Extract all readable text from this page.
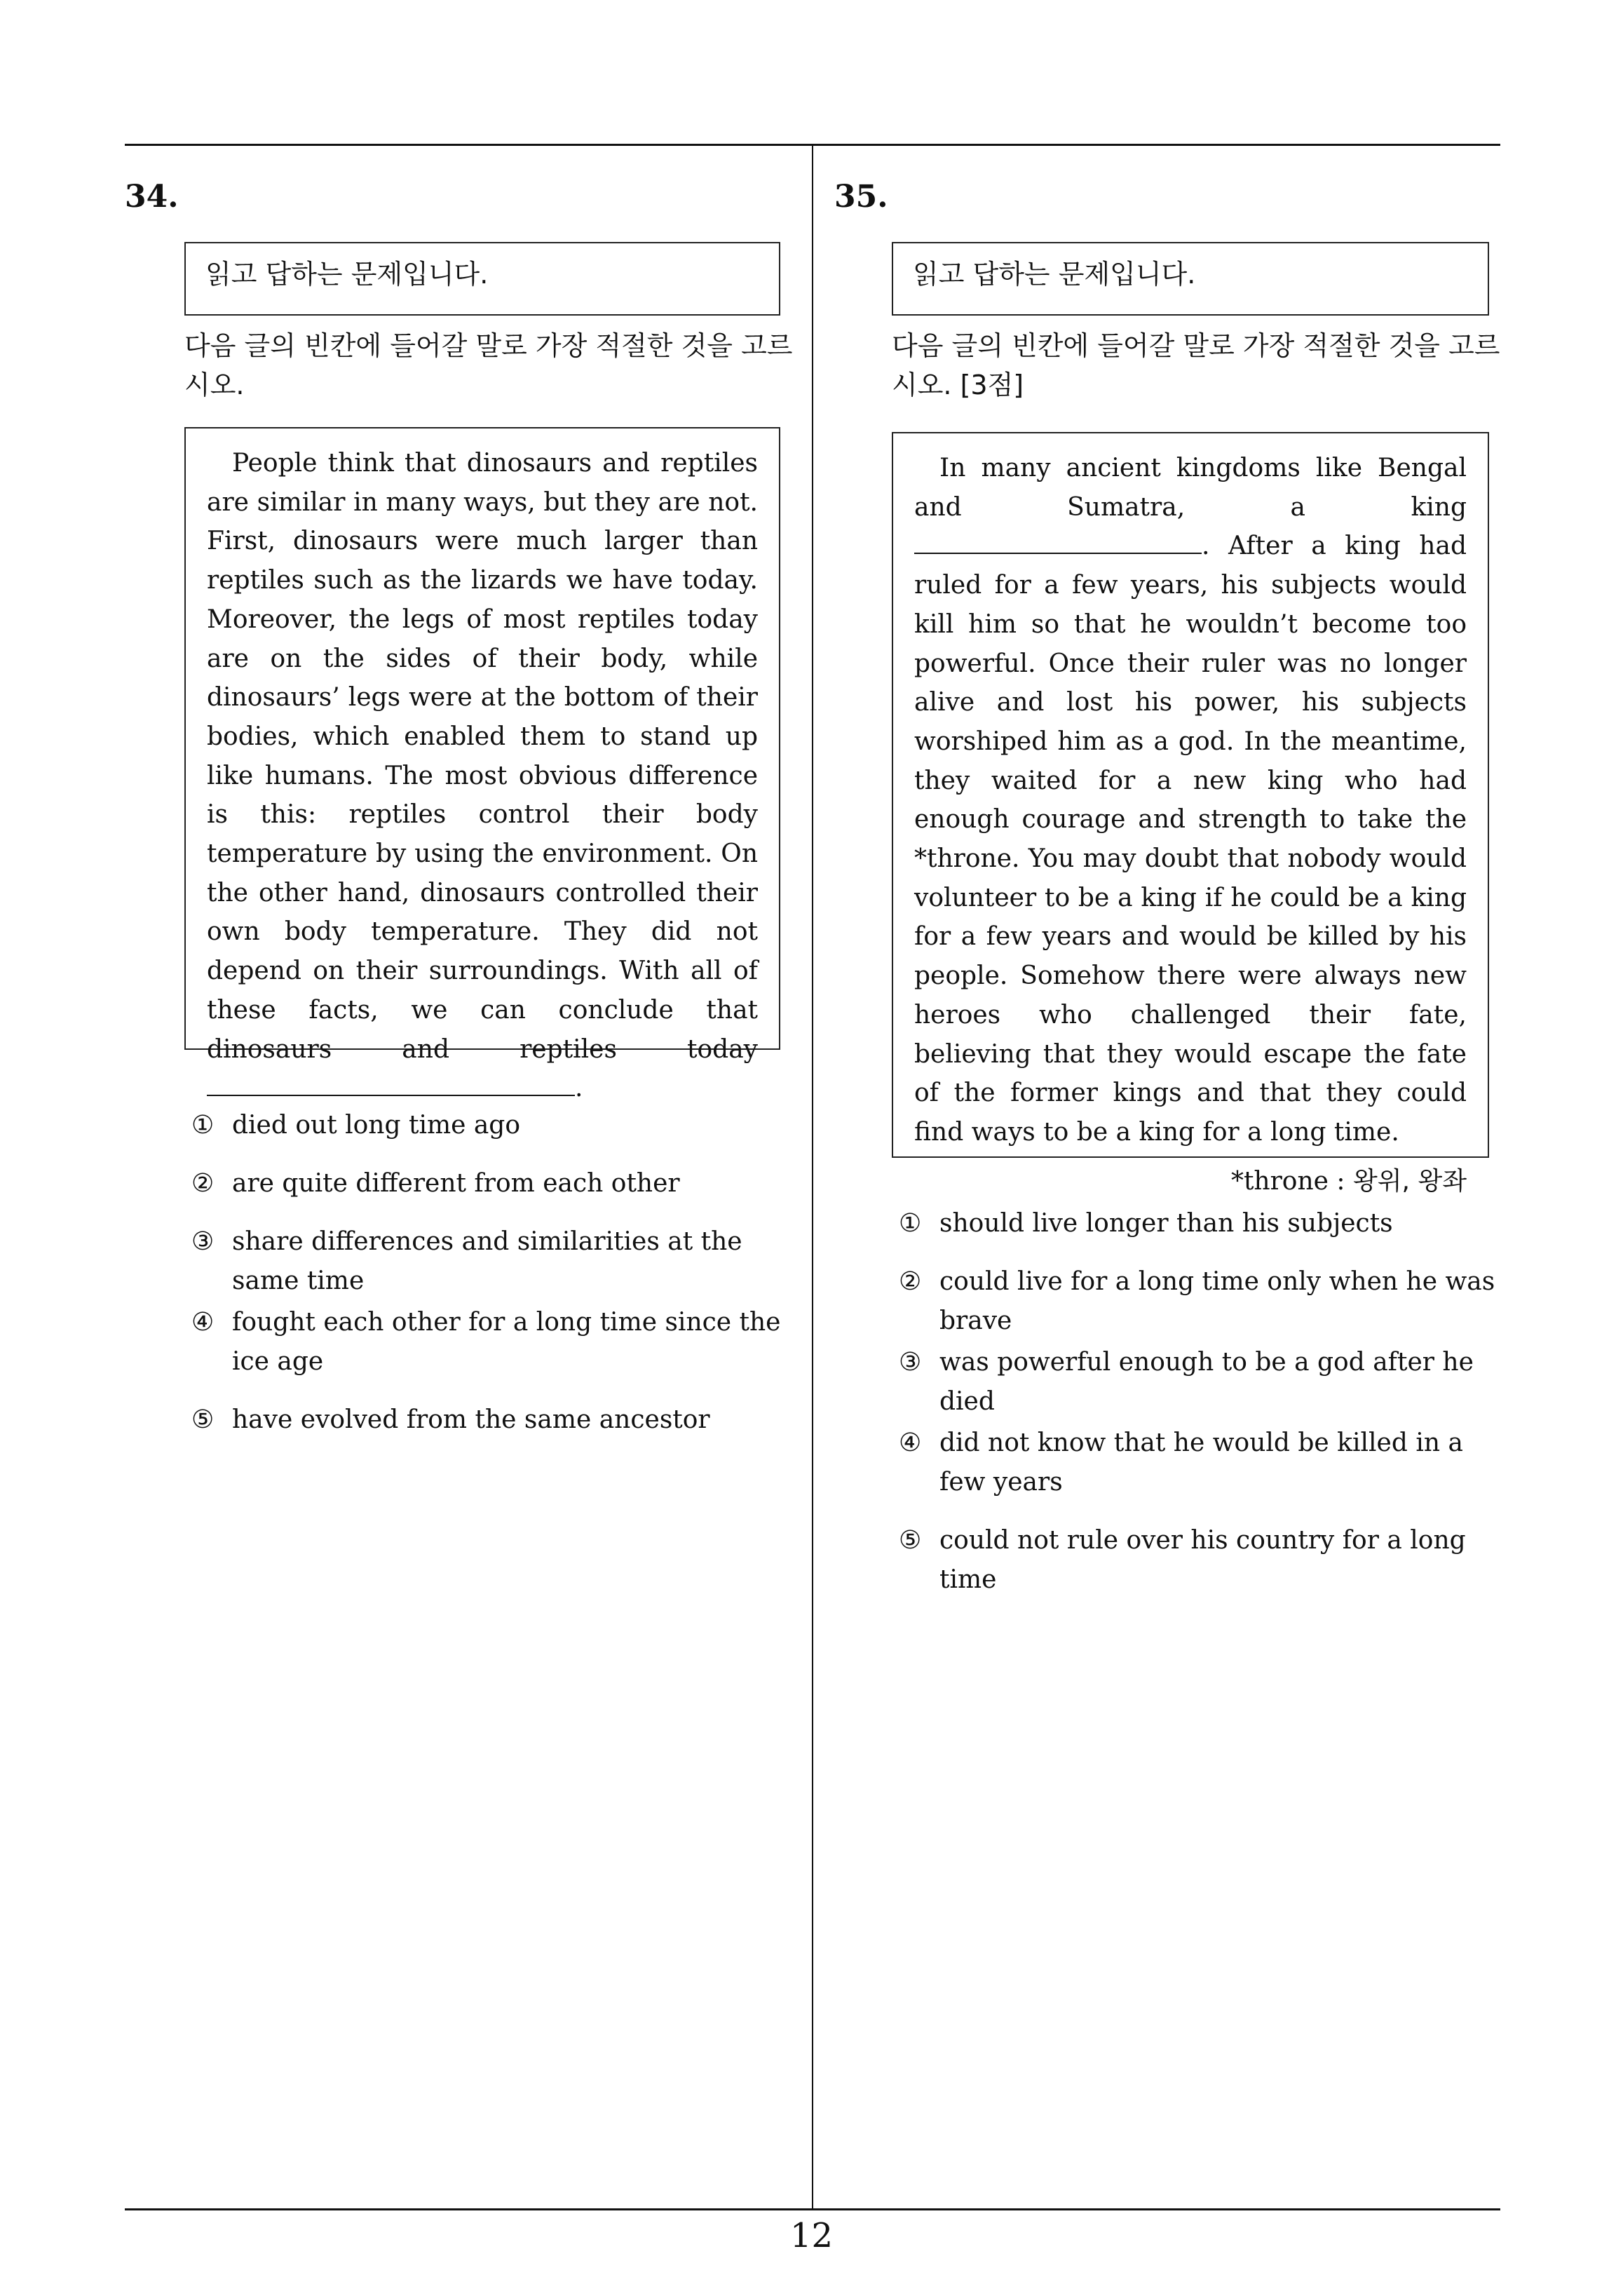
34.
읽고 답하는 문제입니다.
다음 글의 빈칸에 들어갈 말로 가장 적절한 것을 고르시오.

People think that dinosaurs and reptiles are similar in many ways, but they are not. First, dinosaurs were much larger than reptiles such as the lizards we have today. Moreover, the legs of most reptiles today are on the sides of their body, while dinosaurs’ legs were at the bottom of their bodies, which enabled them to stand up like humans. The most obvious difference is this: reptiles control their body temperature by using the environment. On the other hand, dinosaurs controlled their own body temperature. They did not depend on their surroundings. With all of these facts, we can conclude that dinosaurs and reptiles today .

① died out long time ago
② are quite different from each other
③ share differences and similarities at the same time
④ fought each other for a long time since the ice age
⑤ have evolved from the same ancestor
35.
읽고 답하는 문제입니다.
다음 글의 빈칸에 들어갈 말로 가장 적절한 것을 고르시오. [3점]

In many ancient kingdoms like Bengal and Sumatra, a king . After a king had ruled for a few years, his subjects would kill him so that he wouldn’t become too powerful. Once their ruler was no longer alive and lost his power, his subjects worshiped him as a god. In the meantime, they waited for a new king who had enough courage and strength to take the *throne. You may doubt that nobody would volunteer to be a king if he could be a king for a few years and would be killed by his people. Somehow there were always new heroes who challenged their fate, believing that they would escape the fate of the former kings and that they could find ways to be a king for a long time.

*throne : 왕위, 왕좌
① should live longer than his subjects
② could live for a long time only when he was brave
③ was powerful enough to be a god after he died
④ did not know that he would be killed in a few years
⑤ could not rule over his country for a long time
12
